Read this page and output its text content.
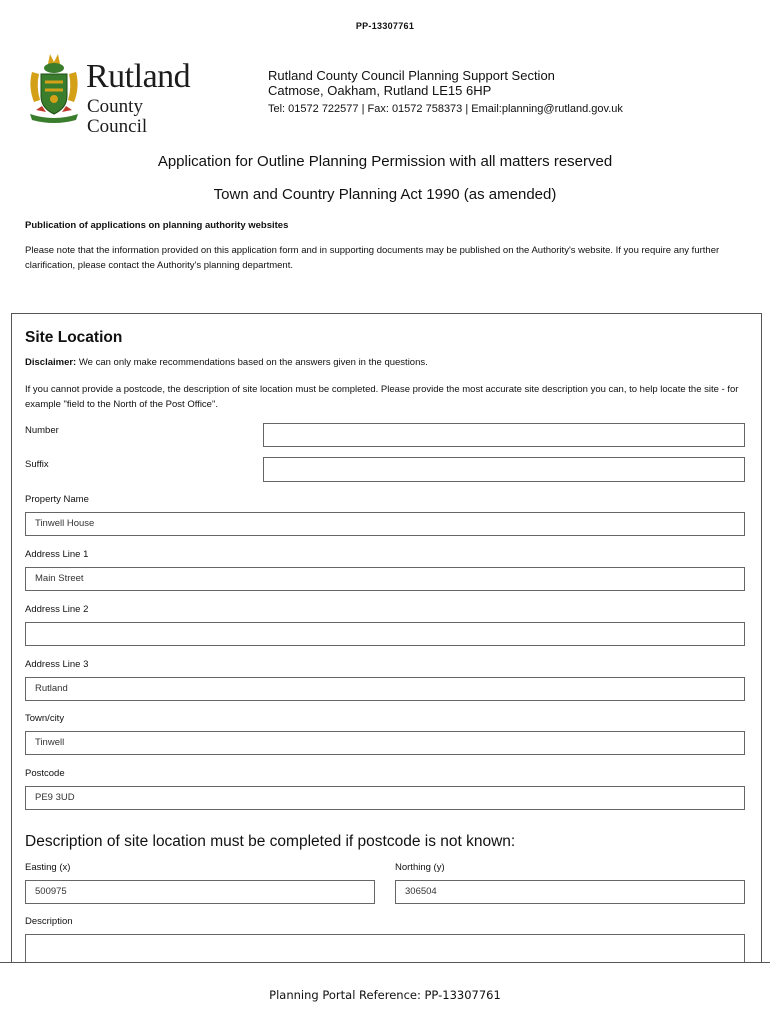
PP-13307761
Rutland
County Council
Rutland County Council Planning Support Section
Catmose, Oakham, Rutland LE15 6HP
Tel: 01572 722577 | Fax: 01572 758373 | Email:planning@rutland.gov.uk
Application for Outline Planning Permission with all matters reserved
Town and Country Planning Act 1990 (as amended)
Publication of applications on planning authority websites
Please note that the information provided on this application form and in supporting documents may be published on the Authority's website. If you require any further clarification, please contact the Authority's planning department.
Site Location
Disclaimer: We can only make recommendations based on the answers given in the questions.
If you cannot provide a postcode, the description of site location must be completed. Please provide the most accurate site description you can, to help locate the site - for example "field to the North of the Post Office".
Number
Suffix
Property Name
Tinwell House
Address Line 1
Main Street
Address Line 2
Address Line 3
Rutland
Town/city
Tinwell
Postcode
PE9 3UD
Description of site location must be completed if postcode is not known:
Easting (x)
500975
Northing (y)
306504
Description
Planning Portal Reference: PP-13307761
